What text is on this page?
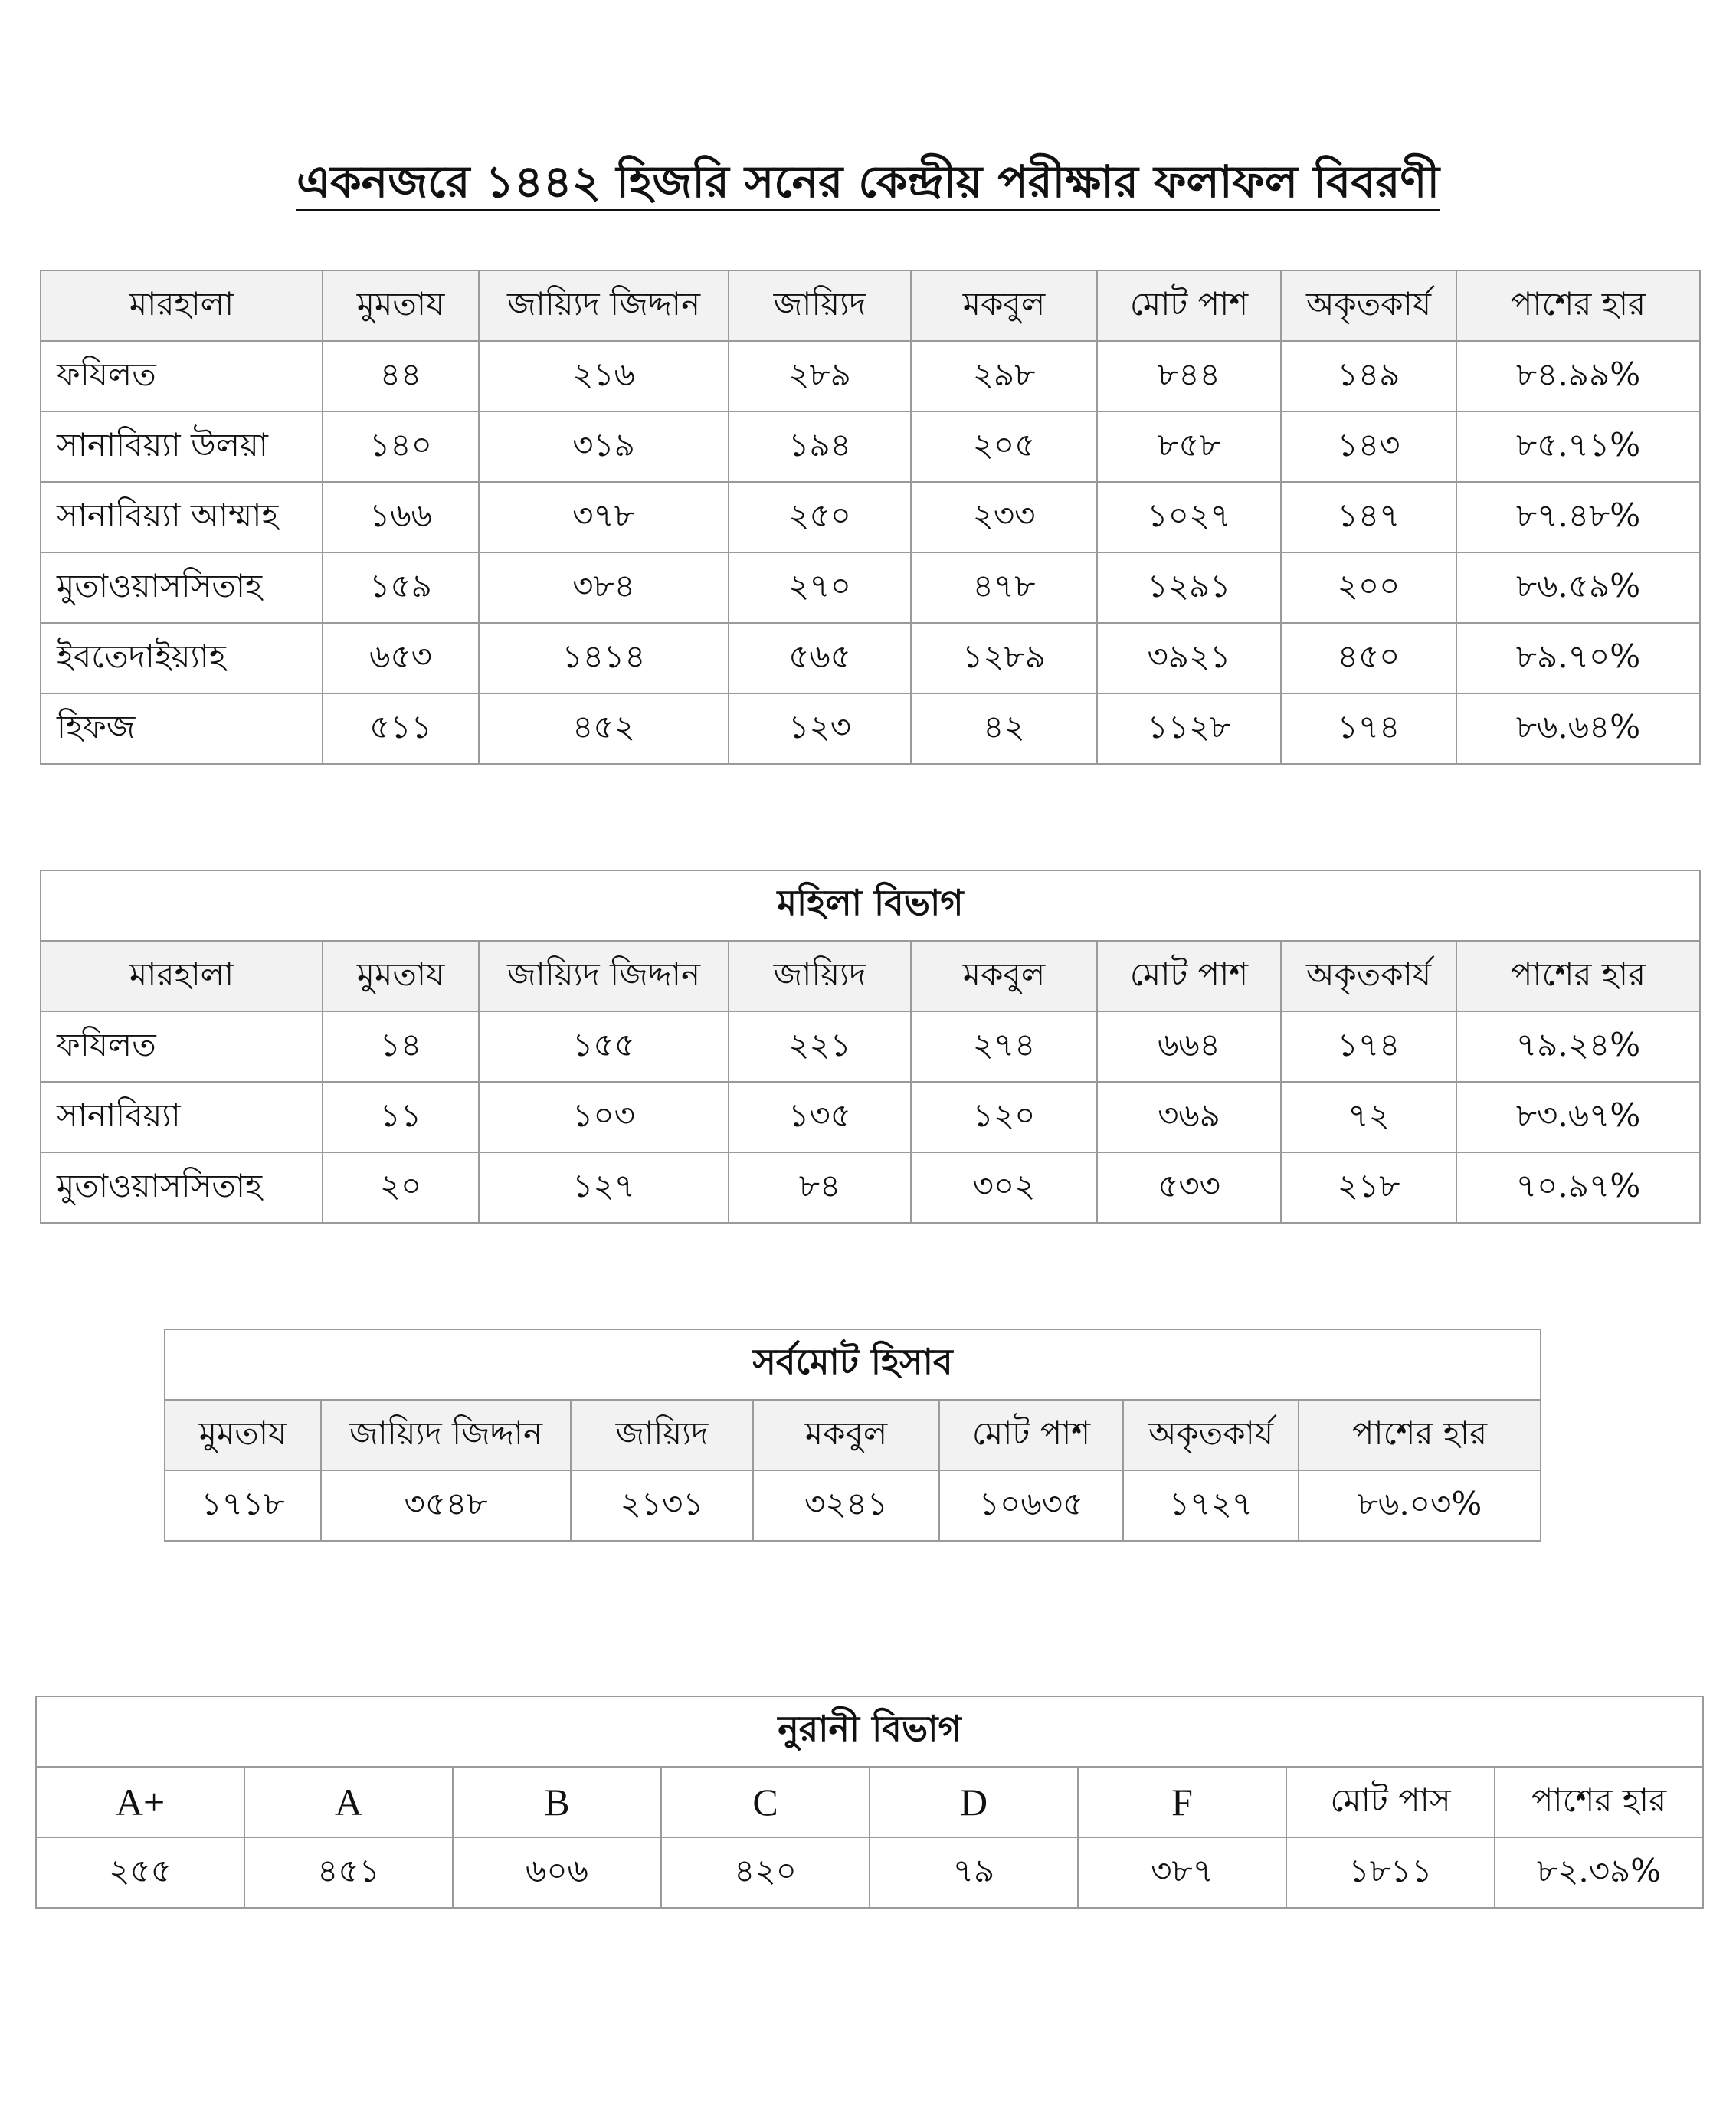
একনজরে ১৪৪২ হিজরি সনের কেন্দ্রীয় পরীক্ষার ফলাফল বিবরণী
মারহালা	মুমতায	জায়্যিদ জিদ্দান	জায়্যিদ	মকবুল	মোট পাশ	অকৃতকার্য	পাশের হার
ফযিলত	৪৪	২১৬	২৮৯	২৯৮	৮৪৪	১৪৯	৮৪.৯৯%
সানাবিয়্যা উলয়া	১৪০	৩১৯	১৯৪	২০৫	৮৫৮	১৪৩	৮৫.৭১%
সানাবিয়্যা আম্মাহ	১৬৬	৩৭৮	২৫০	২৩৩	১০২৭	১৪৭	৮৭.৪৮%
মুতাওয়াসসিতাহ	১৫৯	৩৮৪	২৭০	৪৭৮	১২৯১	২০০	৮৬.৫৯%
ইবতেদাইয়্যাহ	৬৫৩	১৪১৪	৫৬৫	১২৮৯	৩৯২১	৪৫০	৮৯.৭০%
হিফজ	৫১১	৪৫২	১২৩	৪২	১১২৮	১৭৪	৮৬.৬৪%
মহিলা বিভাগ							
মারহালা	মুমতায	জায়্যিদ জিদ্দান	জায়্যিদ	মকবুল	মোট পাশ	অকৃতকার্য	পাশের হার
ফযিলত	১৪	১৫৫	২২১	২৭৪	৬৬৪	১৭৪	৭৯.২৪%
সানাবিয়্যা	১১	১০৩	১৩৫	১২০	৩৬৯	৭২	৮৩.৬৭%
মুতাওয়াসসিতাহ	২০	১২৭	৮৪	৩০২	৫৩৩	২১৮	৭০.৯৭%
সর্বমোট হিসাব						
মুমতায	জায়্যিদ জিদ্দান	জায়্যিদ	মকবুল	মোট পাশ	অকৃতকার্য	পাশের হার
১৭১৮	৩৫৪৮	২১৩১	৩২৪১	১০৬৩৫	১৭২৭	৮৬.০৩%
নুরানী বিভাগ							
A+	A	B	C	D	F	মোট পাস	পাশের হার
২৫৫	৪৫১	৬০৬	৪২০	৭৯	৩৮৭	১৮১১	৮২.৩৯%
